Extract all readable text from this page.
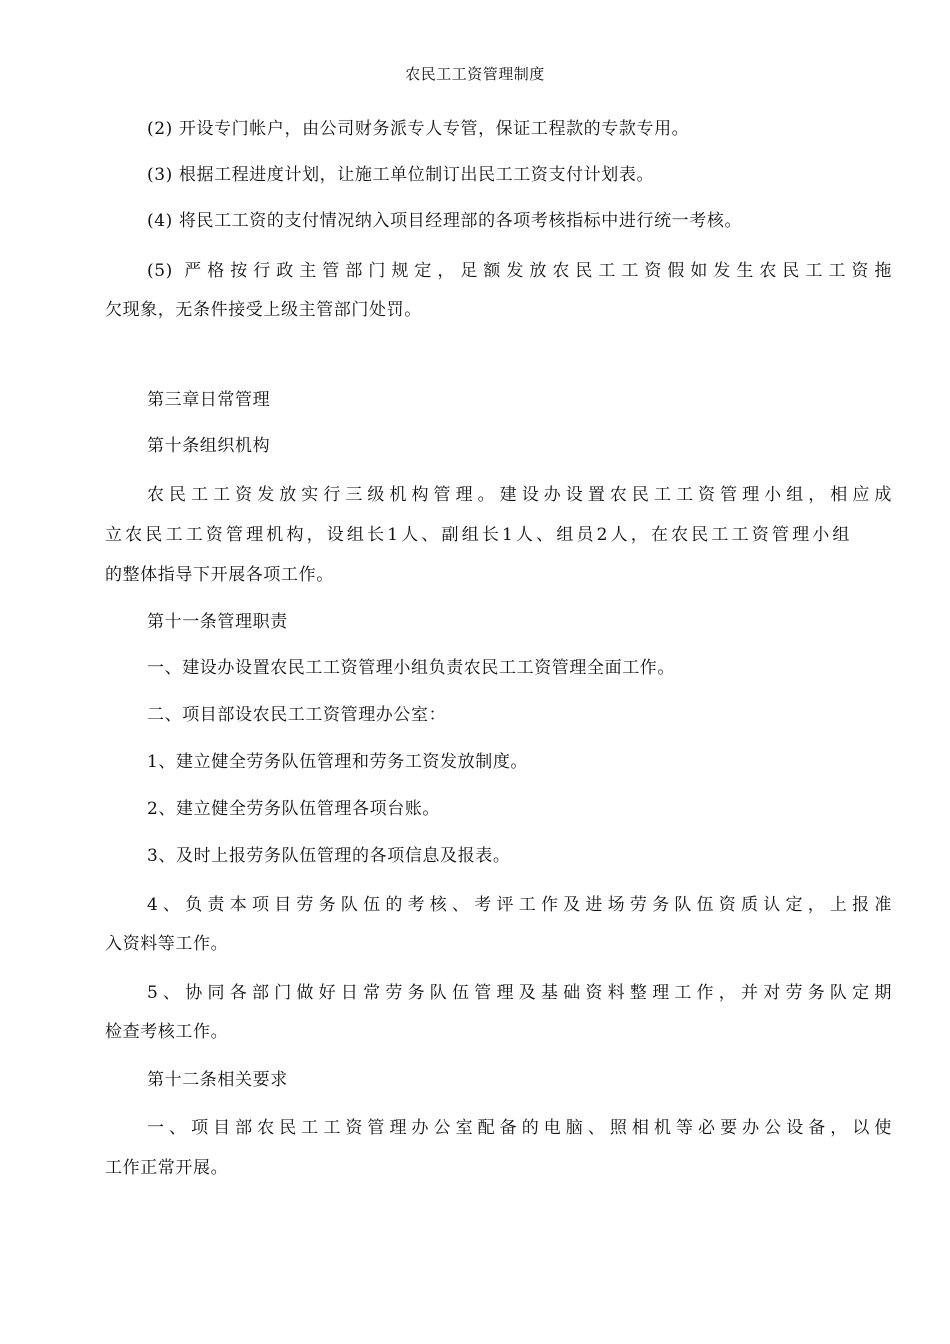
农民工工资管理制度
(2) 开设专门帐户，由公司财务派专人专管，保证工程款的专款专用。
(3) 根据工程进度计划，让施工单位制订出民工工资支付计划表。
(4) 将民工工资的支付情况纳入项目经理部的各项考核指标中进行统一考核。
(5) 严格按行政主管部门规定，足额发放农民工工资假如发生农民工工资拖
欠现象，无条件接受上级主管部门处罚。
第三章日常管理
第十条组织机构
农民工工资发放实行三级机构管理。建设办设置农民工工资管理小组，相应成
立农民工工资管理机构，设组长1人、副组长1人、组员2人，在农民工工资管理小组
的整体指导下开展各项工作。
第十一条管理职责
一、建设办设置农民工工资管理小组负责农民工工资管理全面工作。
二、项目部设农民工工资管理办公室：
1、建立健全劳务队伍管理和劳务工资发放制度。
2、建立健全劳务队伍管理各项台账。
3、及时上报劳务队伍管理的各项信息及报表。
4、负责本项目劳务队伍的考核、考评工作及进场劳务队伍资质认定，上报准
入资料等工作。
5、协同各部门做好日常劳务队伍管理及基础资料整理工作，并对劳务队定期
检查考核工作。
第十二条相关要求
一、项目部农民工工资管理办公室配备的电脑、照相机等必要办公设备，以使
工作正常开展。
